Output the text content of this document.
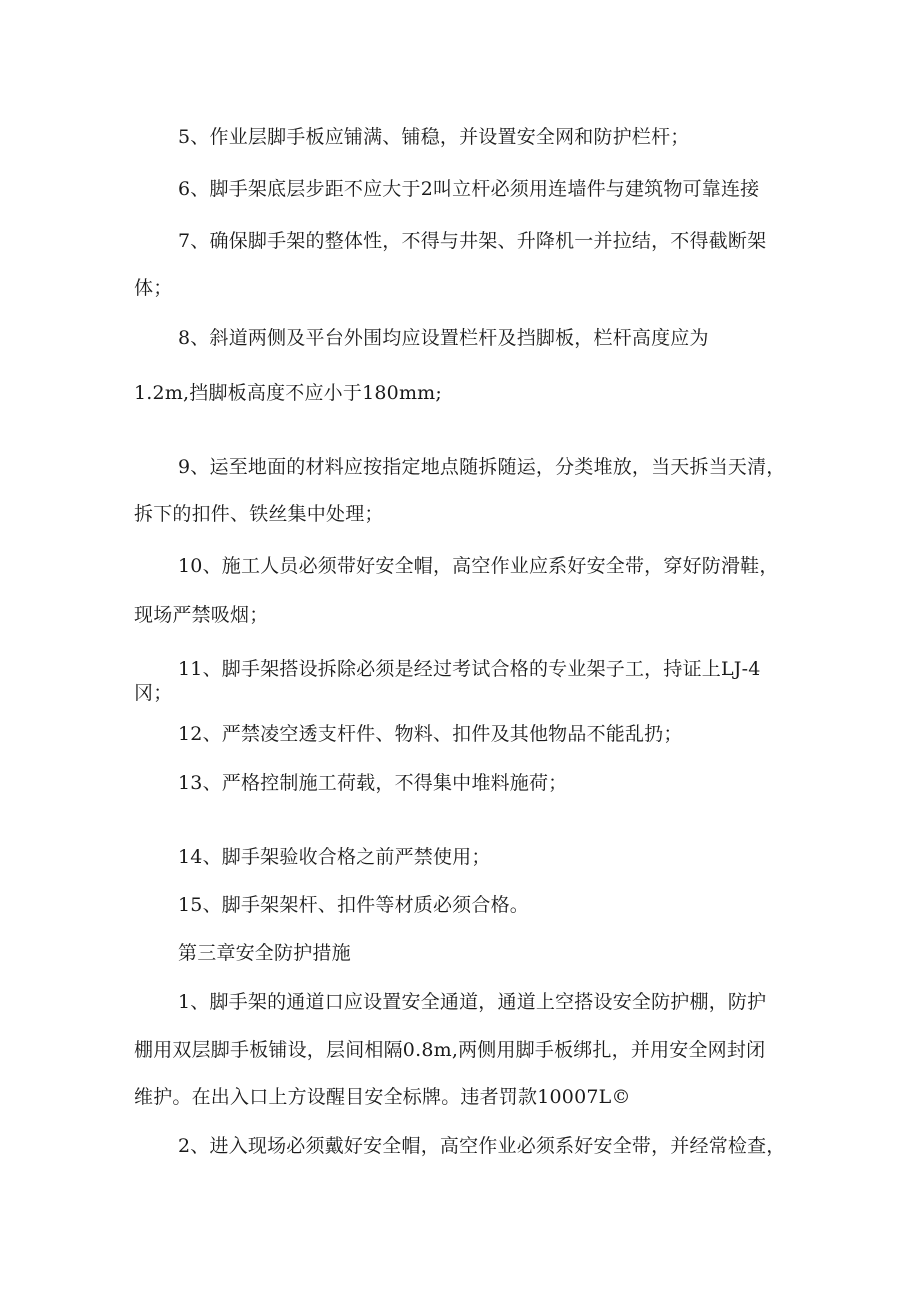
5、作业层脚手板应铺满、铺稳，并设置安全网和防护栏杆；
6、脚手架底层步距不应大于2叫立杆必须用连墙件与建筑物可靠连接
7、确保脚手架的整体性，不得与井架、升降机一并拉结，不得截断架
体；
8、斜道两侧及平台外围均应设置栏杆及挡脚板，栏杆高度应为
1.2m,挡脚板高度不应小于180mm;
9、运至地面的材料应按指定地点随拆随运，分类堆放，当天拆当天清，
拆下的扣件、铁丝集中处理；
10、施工人员必须带好安全帽，高空作业应系好安全带，穿好防滑鞋，
现场严禁吸烟；
11、脚手架搭设拆除必须是经过考试合格的专业架子工，持证上LJ-4
冈；
12、严禁凌空透支杆件、物料、扣件及其他物品不能乱扔；
13、严格控制施工荷载，不得集中堆料施荷；
14、脚手架验收合格之前严禁使用；
15、脚手架架杆、扣件等材质必须合格。
第三章安全防护措施
1、脚手架的通道口应设置安全通道，通道上空搭设安全防护棚，防护
棚用双层脚手板铺设，层间相隔0.8m,两侧用脚手板绑扎，并用安全网封闭
维护。在出入口上方设醒目安全标牌。违者罚款10007L©
2、进入现场必须戴好安全帽，高空作业必须系好安全带，并经常检查，
